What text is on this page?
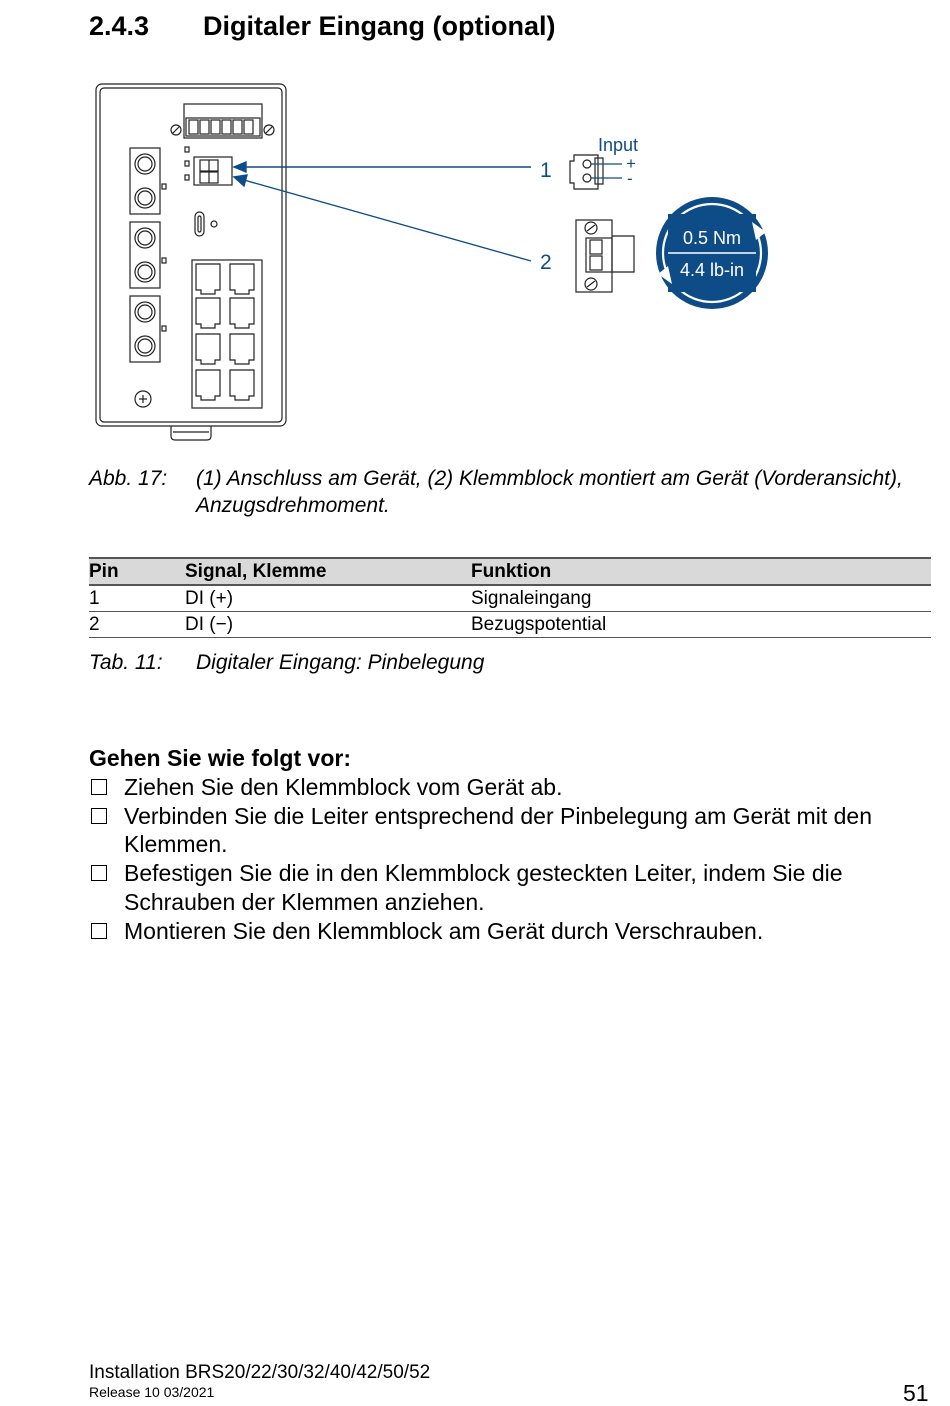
2.4.3 Digitaler Eingang (optional)
1
2
Input
+
-
0.5 Nm
4.4 lb-in
Abb. 17: (1) Anschluss am Gerät, (2) Klemmblock montiert am Gerät (Vorderansicht), Anzugsdrehmoment.
Pin	Signal, Klemme	Funktion
1	DI (+)	Signaleingang
2	DI (−)	Bezugspotential
Tab. 11: Digitaler Eingang: Pinbelegung
Gehen Sie wie folgt vor:
Ziehen Sie den Klemmblock vom Gerät ab.
Verbinden Sie die Leiter entsprechend der Pinbelegung am Gerät mit den Klemmen.
Befestigen Sie die in den Klemmblock gesteckten Leiter, indem Sie die Schrauben der Klemmen anziehen.
Montieren Sie den Klemmblock am Gerät durch Verschrauben.
Installation BRS20/22/30/32/40/42/50/52
Release 10 03/2021	51
